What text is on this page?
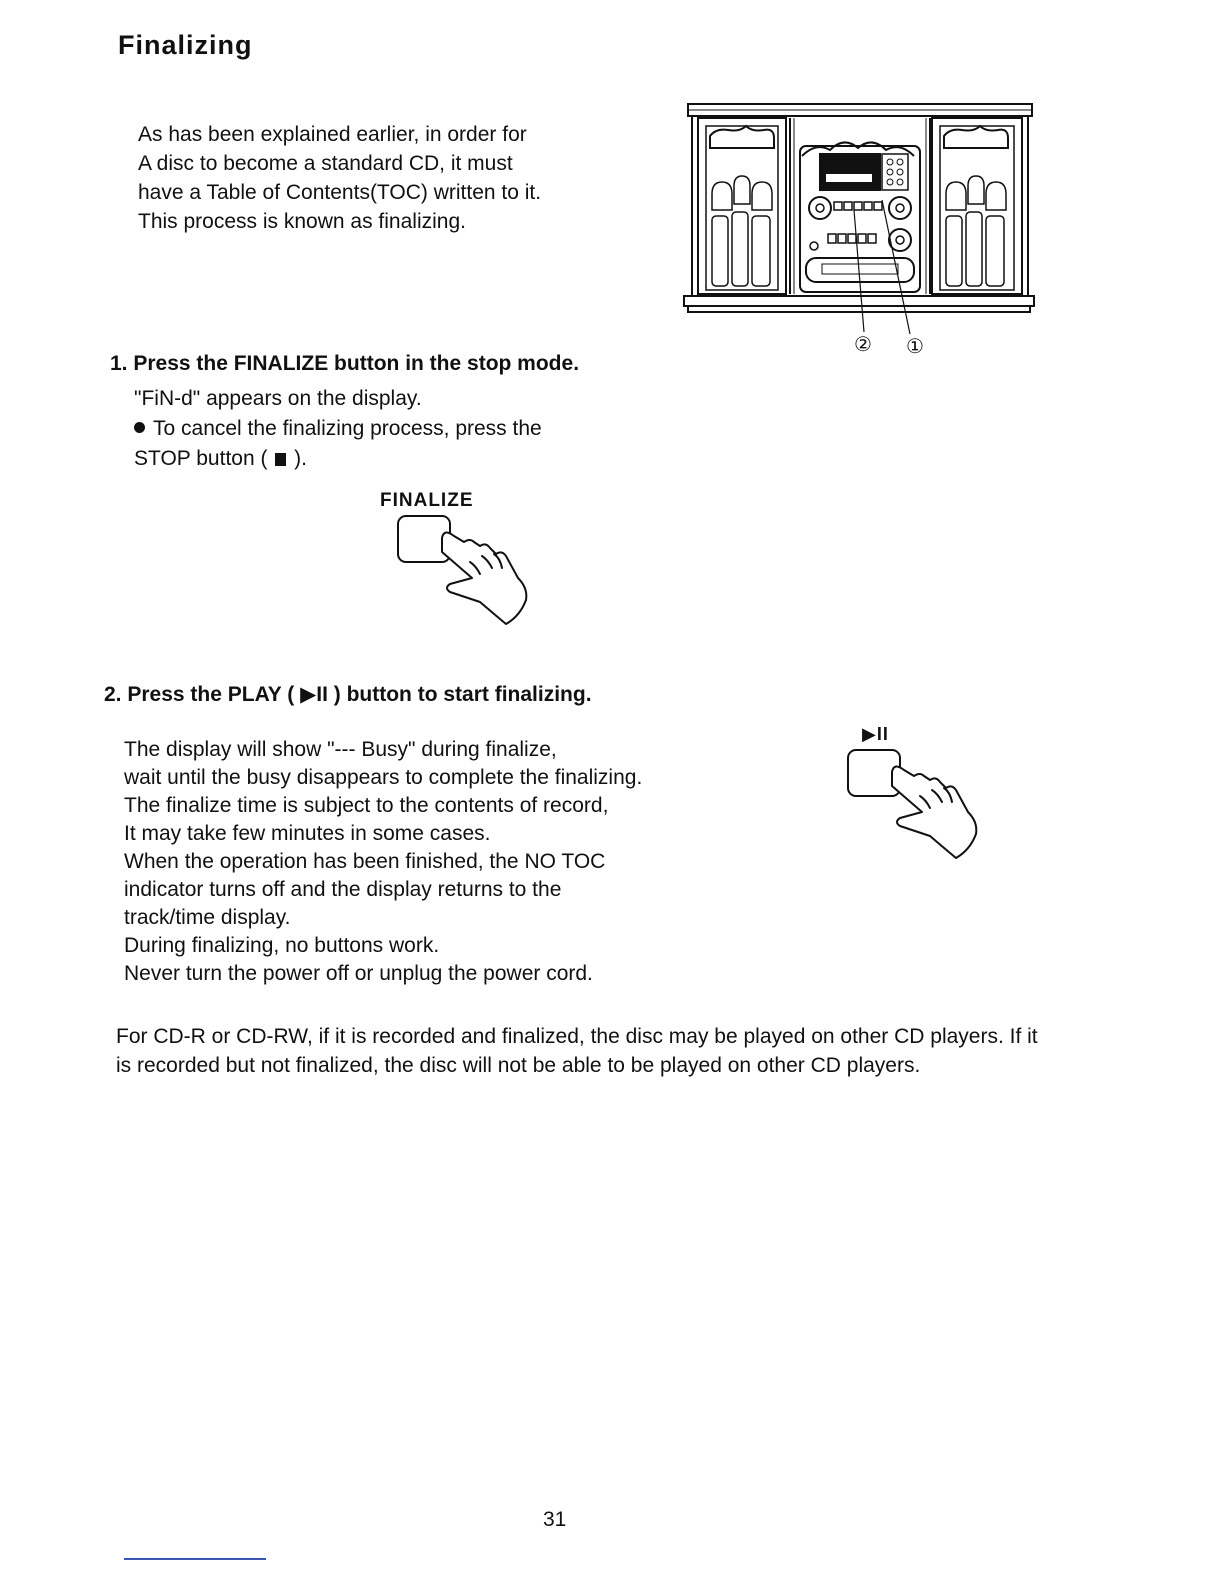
Finalizing
As has been explained earlier, in order for
A disc to become a standard CD, it must
have a Table of Contents(TOC) written to it.
This process is known as finalizing.
② ①
1. Press the FINALIZE button in the stop mode.
"FiN-d" appears on the display.
To cancel the finalizing process, press the
STOP button ( ).
FINALIZE
2. Press the PLAY ( ▶II ) button to start finalizing.
▶II
The display will show "--- Busy" during finalize,
wait until the busy disappears to complete the finalizing.
The finalize time is subject to the contents of record,
It may take few minutes in some cases.
When the operation has been finished, the NO TOC
indicator turns off and the display returns to the
track/time display.
During finalizing, no buttons work.
Never turn the power off or unplug the power cord.
For CD-R or CD-RW, if it is recorded and finalized, the disc may be played on other CD players. If it is recorded but not finalized, the disc will not be able to be played on other CD players.
31
